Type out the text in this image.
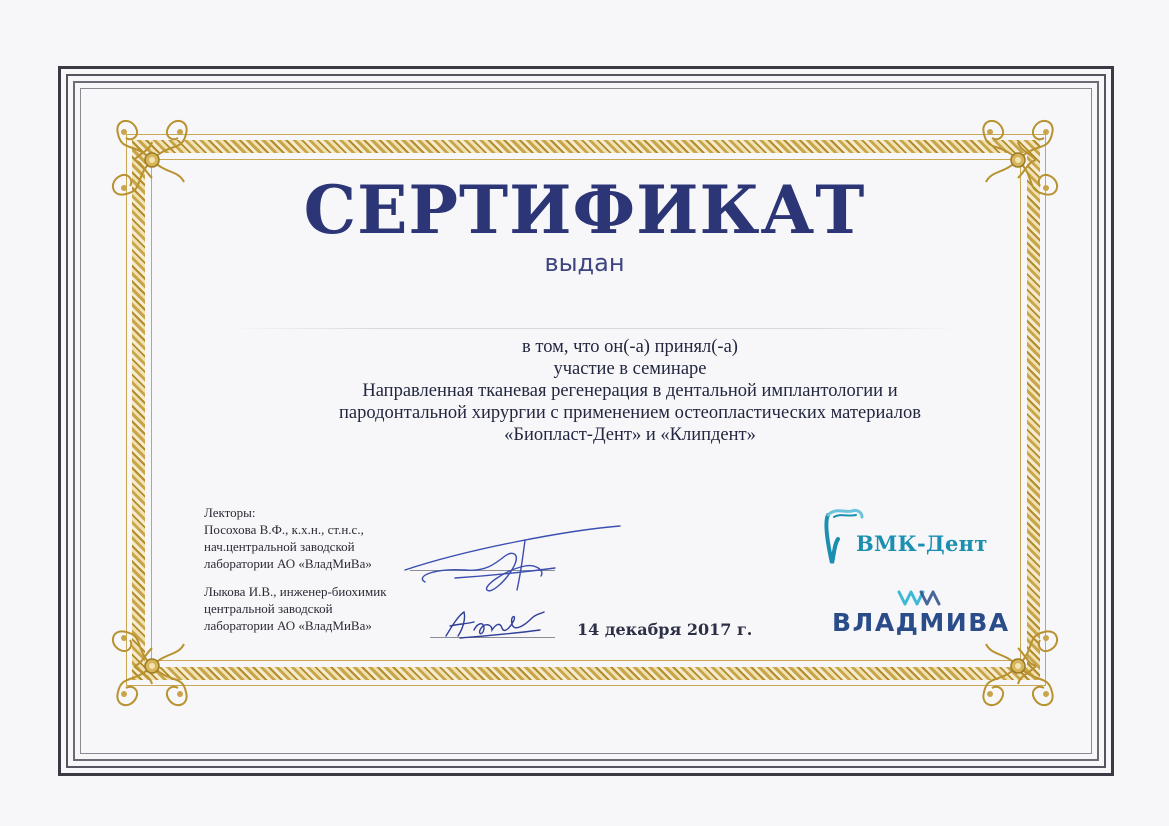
СЕРТИФИКАТ
выдан
в том, что он(-а) принял(-а)
участие в семинаре
Направленная тканевая регенерация в дентальной имплантологии и
пародонтальной хирургии с применением остеопластических материалов
«Биопласт-Дент» и «Клипдент»
Лекторы:
Посохова В.Ф., к.х.н., ст.н.с.,
нач.центральной заводской
лаборатории АО «ВладМиВа»
Лыкова И.В., инженер-биохимик
центральной заводской
лаборатории АО «ВладМиВа»	14 декабря 2017 г.
ВМК-Дент
ВЛАДМИВА
